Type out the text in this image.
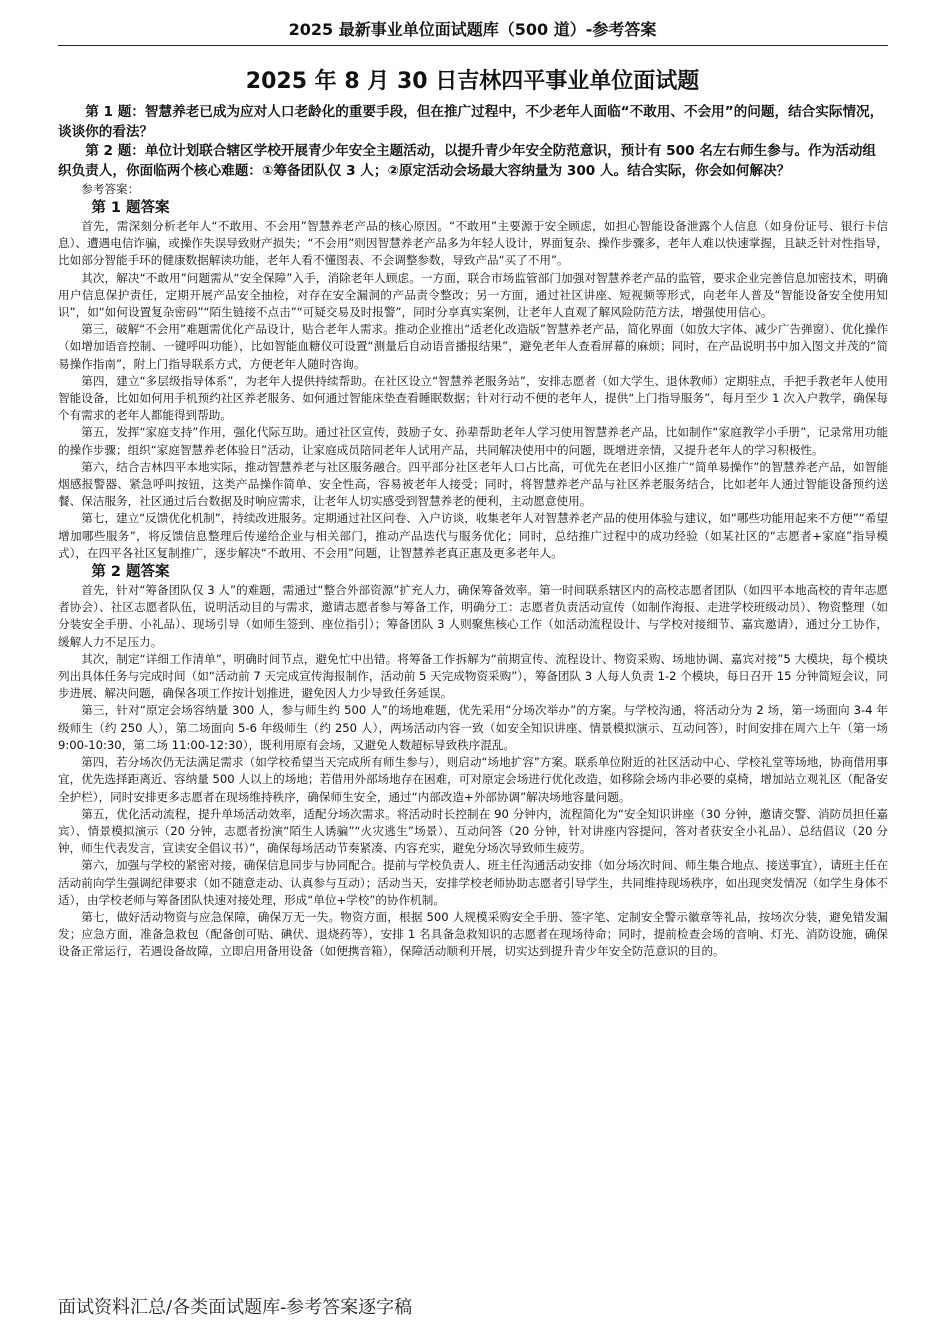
2025 最新事业单位面试题库（500 道）-参考答案
2025 年 8 月 30 日吉林四平事业单位面试题

第 1 题：智慧养老已成为应对人口老龄化的重要手段，但在推广过程中，不少老年人面临“不敢用、不会用”的问题，结合实际情况，谈谈你的看法？

第 2 题：单位计划联合辖区学校开展青少年安全主题活动，以提升青少年安全防范意识，预计有 500 名左右师生参与。作为活动组织负责人，你面临两个核心难题：①筹备团队仅 3 人；②原定活动会场最大容纳量为 300 人。结合实际，你会如何解决？

参考答案：

第 1 题答案

首先，需深刻分析老年人“不敢用、不会用”智慧养老产品的核心原因。“不敢用”主要源于安全顾虑，如担心智能设备泄露个人信息（如身份证号、银行卡信息）、遭遇电信诈骗，或操作失误导致财产损失；“不会用”则因智慧养老产品多为年轻人设计，界面复杂、操作步骤多，老年人难以快速掌握，且缺乏针对性指导，比如部分智能手环的健康数据解读功能，老年人看不懂图表、不会调整参数，导致产品“买了不用”。

其次，解决“不敢用”问题需从“安全保障”入手，消除老年人顾虑。一方面，联合市场监管部门加强对智慧养老产品的监管，要求企业完善信息加密技术，明确用户信息保护责任，定期开展产品安全抽检，对存在安全漏洞的产品责令整改；另一方面，通过社区讲座、短视频等形式，向老年人普及“智能设备安全使用知识”，如“如何设置复杂密码”“陌生链接不点击”“可疑交易及时报警”，同时分享真实案例，让老年人直观了解风险防范方法，增强使用信心。

第三，破解“不会用”难题需优化产品设计，贴合老年人需求。推动企业推出“适老化改造版”智慧养老产品，简化界面（如放大字体、减少广告弹窗）、优化操作（如增加语音控制、一键呼叫功能），比如智能血糖仪可设置“测量后自动语音播报结果”，避免老年人查看屏幕的麻烦；同时，在产品说明书中加入图文并茂的“简易操作指南”，附上门指导联系方式，方便老年人随时咨询。

第四，建立“多层级指导体系”，为老年人提供持续帮助。在社区设立“智慧养老服务站”，安排志愿者（如大学生、退休教师）定期驻点，手把手教老年人使用智能设备，比如如何用手机预约社区养老服务、如何通过智能床垫查看睡眠数据；针对行动不便的老年人，提供“上门指导服务”，每月至少 1 次入户教学，确保每个有需求的老年人都能得到帮助。

第五，发挥“家庭支持”作用，强化代际互助。通过社区宣传，鼓励子女、孙辈帮助老年人学习使用智慧养老产品，比如制作“家庭教学小手册”，记录常用功能的操作步骤；组织“家庭智慧养老体验日”活动，让家庭成员陪同老年人试用产品，共同解决使用中的问题，既增进亲情，又提升老年人的学习积极性。

第六，结合吉林四平本地实际，推动智慧养老与社区服务融合。四平部分社区老年人口占比高，可优先在老旧小区推广“简单易操作”的智慧养老产品，如智能烟感报警器、紧急呼叫按钮，这类产品操作简单、安全性高，容易被老年人接受；同时，将智慧养老产品与社区养老服务结合，比如老年人通过智能设备预约送餐、保洁服务，社区通过后台数据及时响应需求，让老年人切实感受到智慧养老的便利，主动愿意使用。

第七，建立“反馈优化机制”，持续改进服务。定期通过社区问卷、入户访谈，收集老年人对智慧养老产品的使用体验与建议，如“哪些功能用起来不方便”“希望增加哪些服务”，将反馈信息整理后传递给企业与相关部门，推动产品迭代与服务优化；同时，总结推广过程中的成功经验（如某社区的“志愿者+家庭”指导模式），在四平各社区复制推广，逐步解决“不敢用、不会用”问题，让智慧养老真正惠及更多老年人。

第 2 题答案

首先，针对“筹备团队仅 3 人”的难题，需通过“整合外部资源”扩充人力，确保筹备效率。第一时间联系辖区内的高校志愿者团队（如四平本地高校的青年志愿者协会）、社区志愿者队伍，说明活动目的与需求，邀请志愿者参与筹备工作，明确分工：志愿者负责活动宣传（如制作海报、走进学校班级动员）、物资整理（如分装安全手册、小礼品）、现场引导（如师生签到、座位指引）；筹备团队 3 人则聚焦核心工作（如活动流程设计、与学校对接细节、嘉宾邀请），通过分工协作，缓解人力不足压力。

其次，制定“详细工作清单”，明确时间节点，避免忙中出错。将筹备工作拆解为“前期宣传、流程设计、物资采购、场地协调、嘉宾对接”5 大模块，每个模块列出具体任务与完成时间（如“活动前 7 天完成宣传海报制作，活动前 5 天完成物资采购”），筹备团队 3 人每人负责 1-2 个模块，每日召开 15 分钟简短会议，同步进展、解决问题，确保各项工作按计划推进，避免因人力少导致任务延误。

第三，针对“原定会场容纳量 300 人，参与师生约 500 人”的场地难题，优先采用“分场次举办”的方案。与学校沟通，将活动分为 2 场，第一场面向 3-4 年级师生（约 250 人），第二场面向 5-6 年级师生（约 250 人），两场活动内容一致（如安全知识讲座、情景模拟演示、互动问答），时间安排在周六上午（第一场 9:00-10:30，第二场 11:00-12:30），既利用原有会场，又避免人数超标导致秩序混乱。

第四，若分场次仍无法满足需求（如学校希望当天完成所有师生参与），则启动“场地扩容”方案。联系单位附近的社区活动中心、学校礼堂等场地，协商借用事宜，优先选择距离近、容纳量 500 人以上的场地；若借用外部场地存在困难，可对原定会场进行优化改造，如移除会场内非必要的桌椅，增加站立观礼区（配备安全护栏），同时安排更多志愿者在现场维持秩序，确保师生安全，通过“内部改造+外部协调”解决场地容量问题。

第五，优化活动流程，提升单场活动效率，适配分场次需求。将活动时长控制在 90 分钟内，流程简化为“安全知识讲座（30 分钟，邀请交警、消防员担任嘉宾）、情景模拟演示（20 分钟，志愿者扮演“陌生人诱骗”“火灾逃生”场景）、互动问答（20 分钟，针对讲座内容提问，答对者获安全小礼品）、总结倡议（20 分钟，师生代表发言，宣读安全倡议书）”，确保每场活动节奏紧凑、内容充实，避免分场次导致师生疲劳。

第六，加强与学校的紧密对接，确保信息同步与协同配合。提前与学校负责人、班主任沟通活动安排（如分场次时间、师生集合地点、接送事宜），请班主任在活动前向学生强调纪律要求（如不随意走动、认真参与互动）；活动当天，安排学校老师协助志愿者引导学生，共同维持现场秩序，如出现突发情况（如学生身体不适），由学校老师与筹备团队快速对接处理，形成“单位+学校”的协作机制。

第七，做好活动物资与应急保障，确保万无一失。物资方面，根据 500 人规模采购安全手册、签字笔、定制安全警示徽章等礼品，按场次分装，避免错发漏发；应急方面，准备急救包（配备创可贴、碘伏、退烧药等），安排 1 名具备急救知识的志愿者在现场待命；同时，提前检查会场的音响、灯光、消防设施，确保设备正常运行，若遇设备故障，立即启用备用设备（如便携音箱），保障活动顺利开展，切实达到提升青少年安全防范意识的目的。

面试资料汇总/各类面试题库-参考答案逐字稿
